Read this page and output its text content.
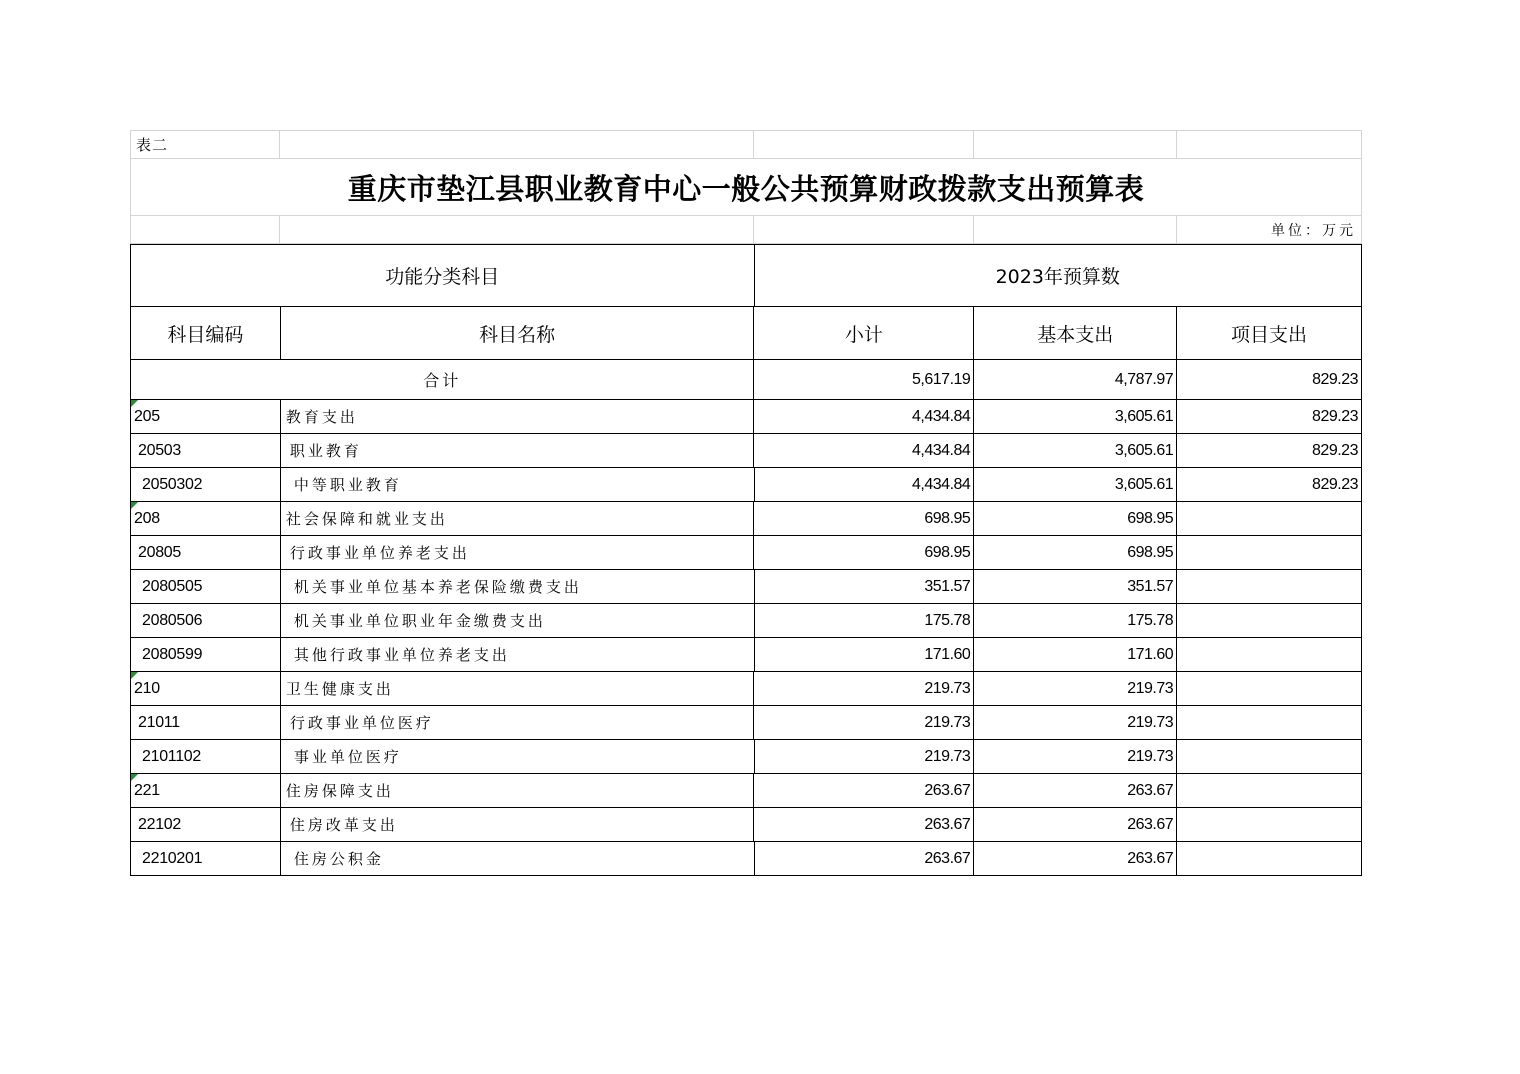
表二
重庆市垫江县职业教育中心一般公共预算财政拨款支出预算表
单位：万元
功能分类科目	2023年预算数
科目编码	科目名称	小计	基本支出	项目支出
合计	5,617.19	4,787.97	829.23
205	教育支出	4,434.84	3,605.61	829.23
20503	职业教育	4,434.84	3,605.61	829.23
2050302	中等职业教育	4,434.84	3,605.61	829.23
208	社会保障和就业支出	698.95	698.95
20805	行政事业单位养老支出	698.95	698.95
2080505	机关事业单位基本养老保险缴费支出	351.57	351.57
2080506	机关事业单位职业年金缴费支出	175.78	175.78
2080599	其他行政事业单位养老支出	171.60	171.60
210	卫生健康支出	219.73	219.73
21011	行政事业单位医疗	219.73	219.73
2101102	事业单位医疗	219.73	219.73
221	住房保障支出	263.67	263.67
22102	住房改革支出	263.67	263.67
2210201	住房公积金	263.67	263.67
